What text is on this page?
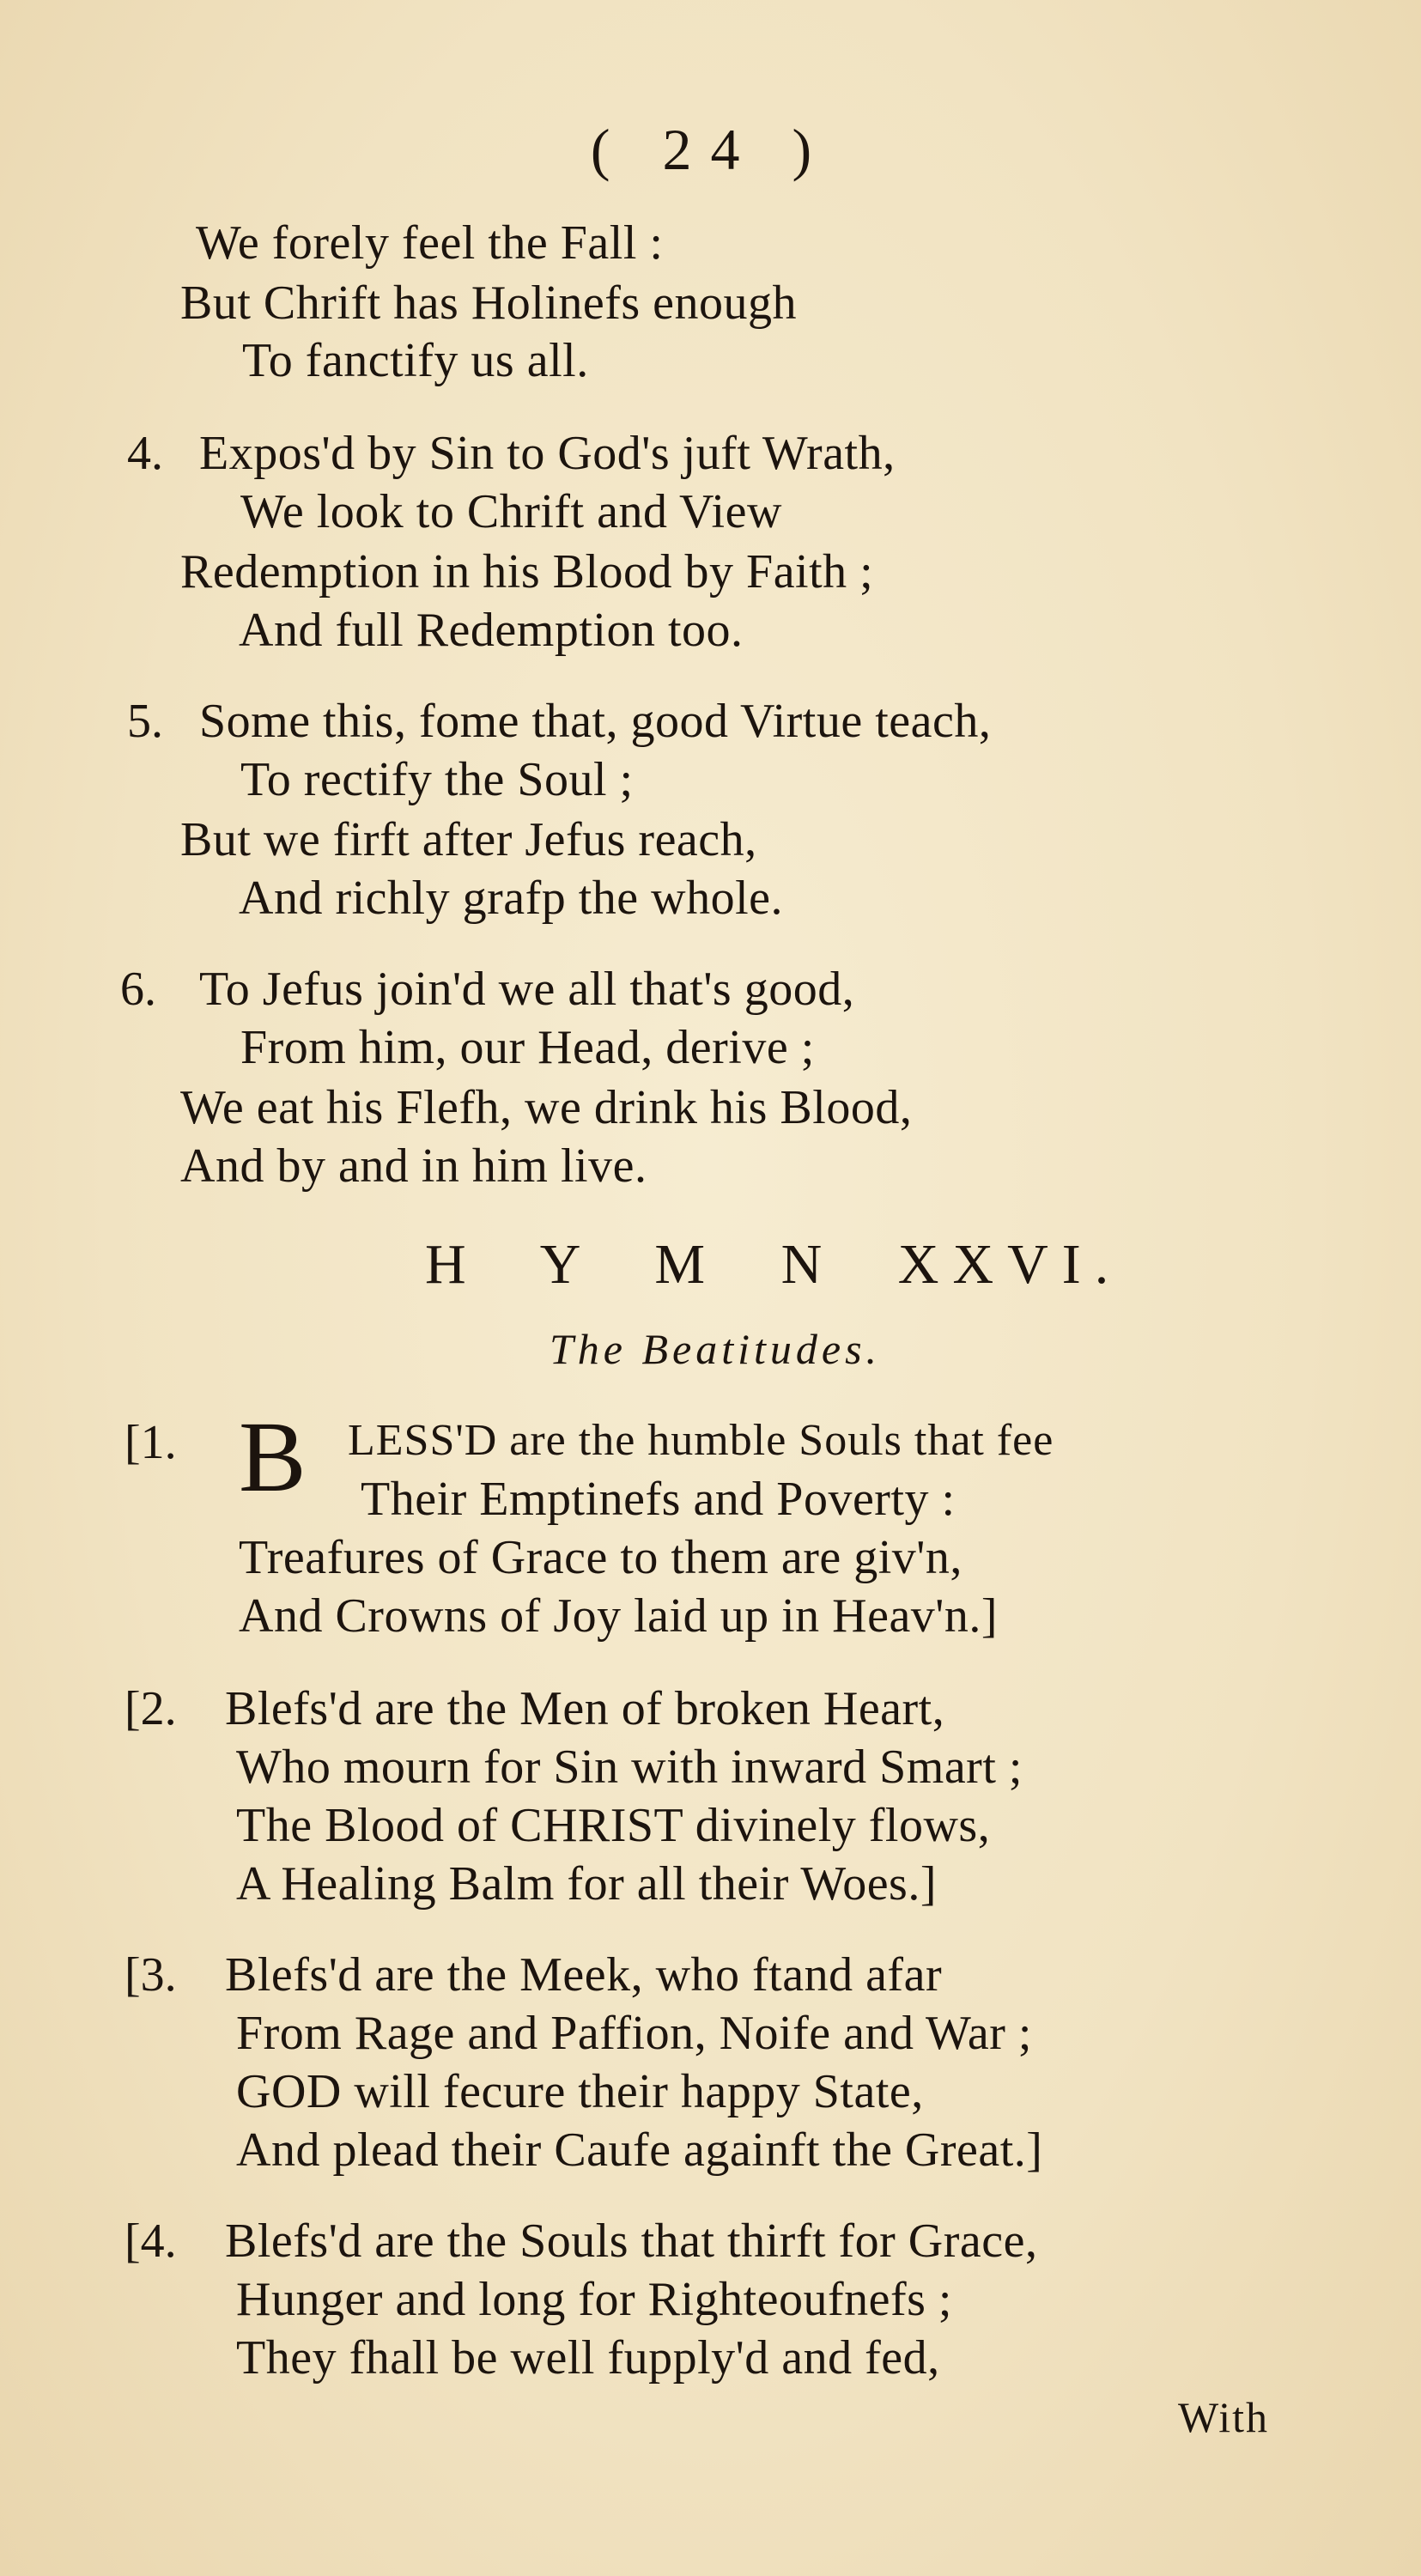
( 24 )
We forely feel the Fall :
But Chrift has Holinefs enough
To fanctify us all.
4. Expos'd by Sin to God's juft Wrath,
We look to Chrift and View
Redemption in his Blood by Faith ;
And full Redemption too.
5. Some this, fome that, good Virtue teach,
To rectify the Soul ;
But we firft after Jefus reach,
And richly grafp the whole.
6. To Jefus join'd we all that's good,
From him, our Head, derive ;
We eat his Flefh, we drink his Blood,
And by and in him live.
H Y M N XXVI.
The Beatitudes.
[1. B LESS'D are the humble Souls that fee
Their Emptinefs and Poverty :
Treafures of Grace to them are giv'n,
And Crowns of Joy laid up in Heav'n.]
[2. Blefs'd are the Men of broken Heart,
Who mourn for Sin with inward Smart ;
The Blood of CHRIST divinely flows,
A Healing Balm for all their Woes.]
[3. Blefs'd are the Meek, who ftand afar
From Rage and Paffion, Noife and War ;
GOD will fecure their happy State,
And plead their Caufe againft the Great.]
[4. Blefs'd are the Souls that thirft for Grace,
Hunger and long for Righteoufnefs ;
They fhall be well fupply'd and fed,
With
